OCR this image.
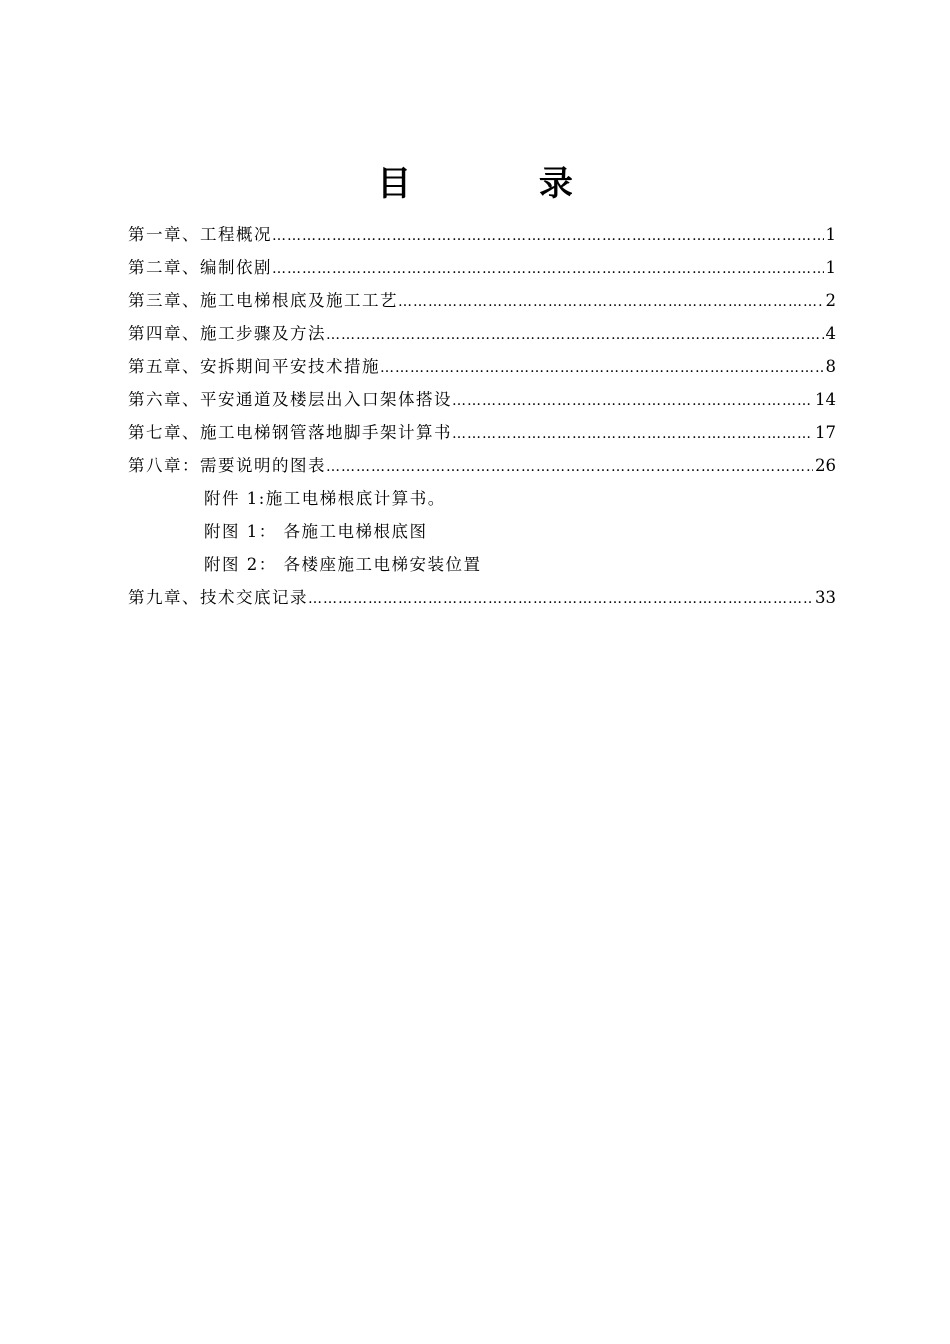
目 录
第一章、工程概况 ……………………………………………………………………………………………………………………………………………………………………………………………	1
第二章、编制依剧 ……………………………………………………………………………………………………………………………………………………………………………………………	1
第三章、施工电梯根底及施工工艺 ……………………………………………………………………………………………………………………………………………………………………………………………	2
第四章、施工步骤及方法 ……………………………………………………………………………………………………………………………………………………………………………………………	4
第五章、安拆期间平安技术措施 ……………………………………………………………………………………………………………………………………………………………………………………………	8
第六章、平安通道及楼层出入口架体搭设 ……………………………………………………………………………………………………………………………………………………………………………………………	14
第七章、施工电梯钢管落地脚手架计算书 ……………………………………………………………………………………………………………………………………………………………………………………………	17
第八章：需要说明的图表 ……………………………………………………………………………………………………………………………………………………………………………………………	26
附件 1:施工电梯根底计算书。
附图 1： 各施工电梯根底图
附图 2： 各楼座施工电梯安装位置
第九章、技术交底记录 ……………………………………………………………………………………………………………………………………………………………………………………………	33
